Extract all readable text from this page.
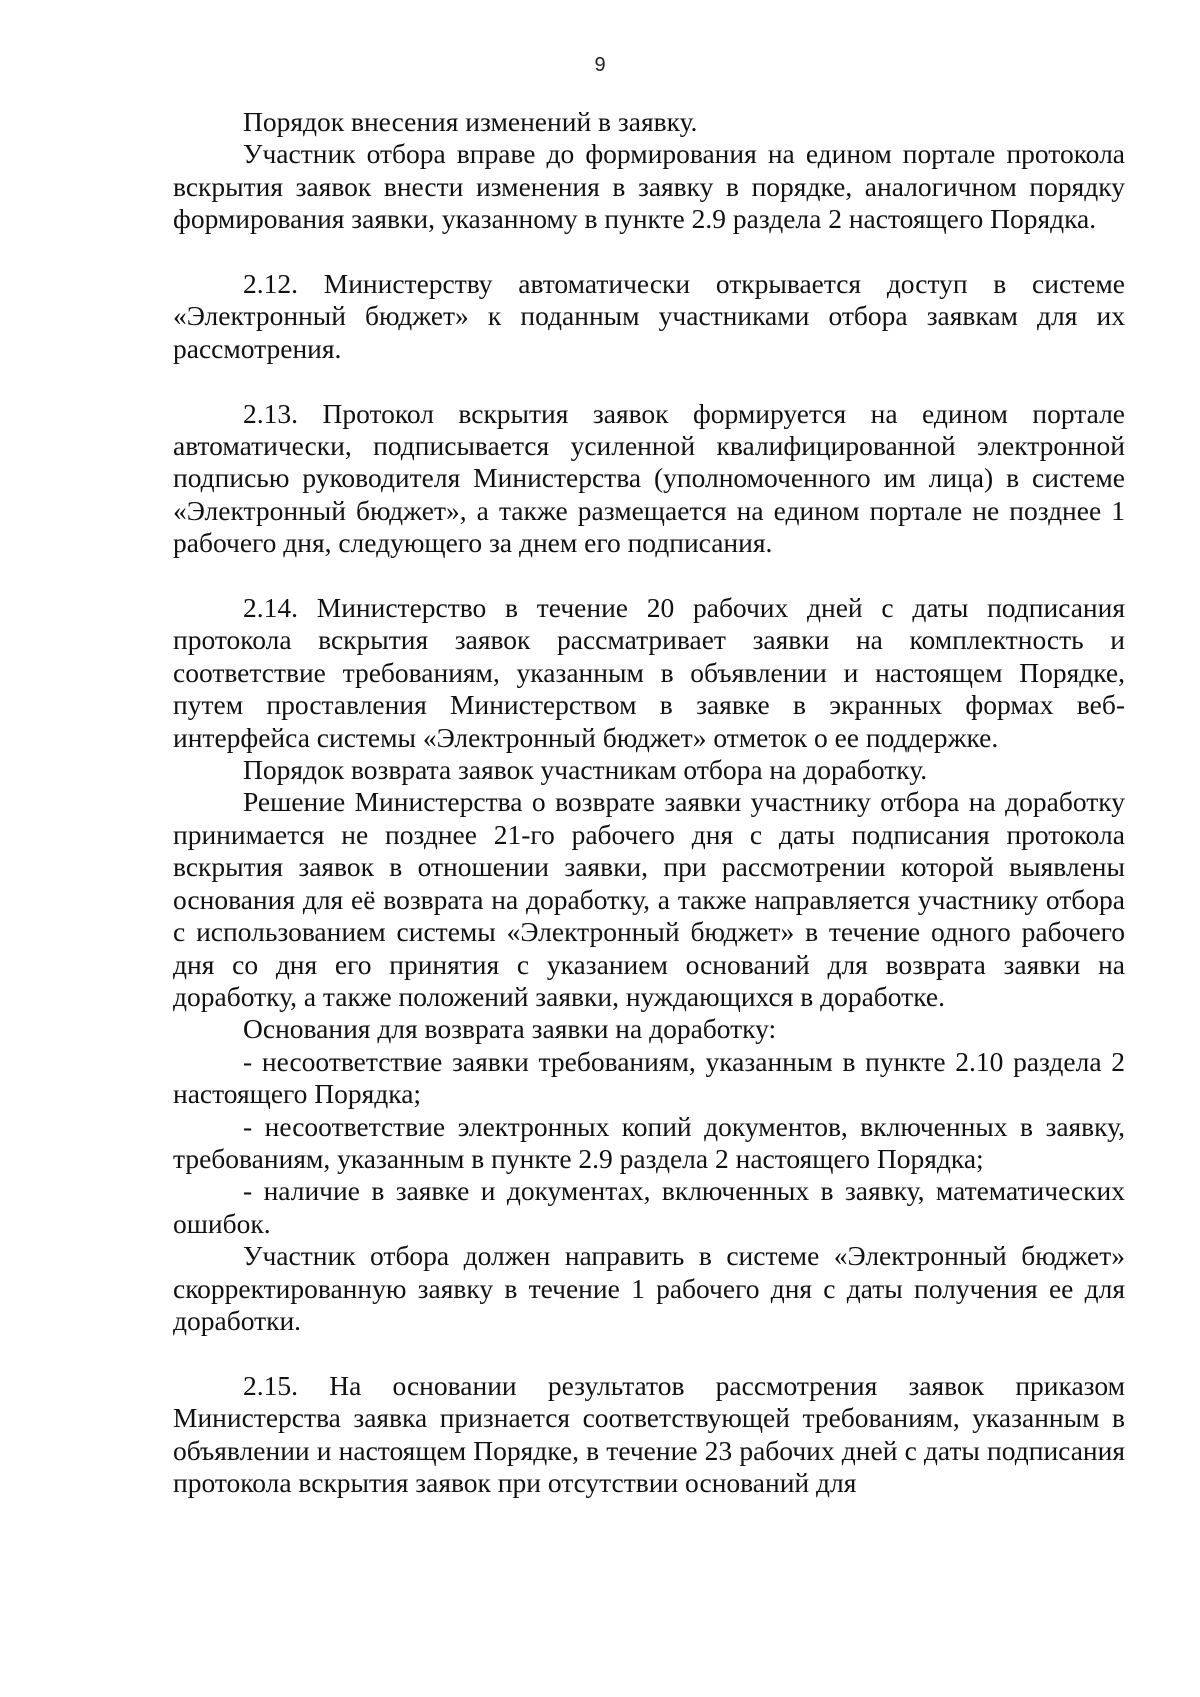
9

Порядок внесения изменений в заявку.

Участник отбора вправе до формирования на едином портале протокола вскрытия заявок внести изменения в заявку в порядке, аналогичном порядку формирования заявки, указанному в пункте 2.9 раздела 2 настоящего Порядка.

2.12. Министерству автоматически открывается доступ в системе «Электронный бюджет» к поданным участниками отбора заявкам для их рассмотрения.

2.13. Протокол вскрытия заявок формируется на едином портале автоматически, подписывается усиленной квалифицированной электронной подписью руководителя Министерства (уполномоченного им лица) в системе «Электронный бюджет», а также размещается на едином портале не позднее 1 рабочего дня, следующего за днем его подписания.

2.14. Министерство в течение 20 рабочих дней с даты подписания протокола вскрытия заявок рассматривает заявки на комплектность и соответствие требованиям, указанным в объявлении и настоящем Порядке, путем проставления Министерством в заявке в экранных формах веб-интерфейса системы «Электронный бюджет» отметок о ее поддержке.

Порядок возврата заявок участникам отбора на доработку.

Решение Министерства о возврате заявки участнику отбора на доработку принимается не позднее 21-го рабочего дня с даты подписания протокола вскрытия заявок в отношении заявки, при рассмотрении которой выявлены основания для её возврата на доработку, а также направляется участнику отбора с использованием системы «Электронный бюджет» в течение одного рабочего дня со дня его принятия с указанием оснований для возврата заявки на доработку, а также положений заявки, нуждающихся в доработке.

Основания для возврата заявки на доработку:

- несоответствие заявки требованиям, указанным в пункте 2.10 раздела 2 настоящего Порядка;

- несоответствие электронных копий документов, включенных в заявку, требованиям, указанным в пункте 2.9 раздела 2 настоящего Порядка;

- наличие в заявке и документах, включенных в заявку, математических ошибок.

Участник отбора должен направить в системе «Электронный бюджет» скорректированную заявку в течение 1 рабочего дня с даты получения ее для доработки.

2.15. На основании результатов рассмотрения заявок приказом Министерства заявка признается соответствующей требованиям, указанным в объявлении и настоящем Порядке, в течение 23 рабочих дней с даты подписания протокола вскрытия заявок при отсутствии оснований для
